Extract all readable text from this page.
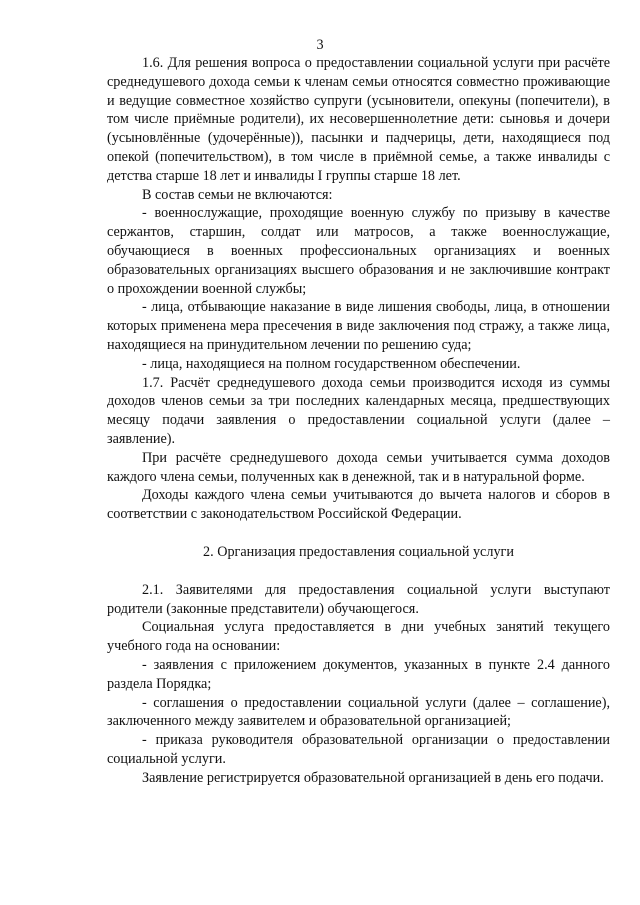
3

1.6. Для решения вопроса о предоставлении социальной услуги при расчёте среднедушевого дохода семьи к членам семьи относятся совместно проживающие и ведущие совместное хозяйство супруги (усыновители, опекуны (попечители), в том числе приёмные родители), их несовершеннолетние дети: сыновья и дочери (усыновлённые (удочерённые)), пасынки и падчерицы, дети, находящиеся под опекой (попечительством), в том числе в приёмной семье, а также инвалиды с детства старше 18 лет и инвалиды I группы старше 18 лет.

В состав семьи не включаются:

- военнослужащие, проходящие военную службу по призыву в качестве сержантов, старшин, солдат или матросов, а также военнослужащие, обучающиеся в военных профессиональных организациях и военных образовательных организациях высшего образования и не заключившие контракт о прохождении военной службы;

- лица, отбывающие наказание в виде лишения свободы, лица, в отношении которых применена мера пресечения в виде заключения под стражу, а также лица, находящиеся на принудительном лечении по решению суда;

- лица, находящиеся на полном государственном обеспечении.

1.7. Расчёт среднедушевого дохода семьи производится исходя из суммы доходов членов семьи за три последних календарных месяца, предшествующих месяцу подачи заявления о предоставлении социальной услуги (далее – заявление).

При расчёте среднедушевого дохода семьи учитывается сумма доходов каждого члена семьи, полученных как в денежной, так и в натуральной форме.

Доходы каждого члена семьи учитываются до вычета налогов и сборов в соответствии с законодательством Российской Федерации.

2. Организация предоставления социальной услуги

2.1. Заявителями для предоставления социальной услуги выступают родители (законные представители) обучающегося.

Социальная услуга предоставляется в дни учебных занятий текущего учебного года на основании:

- заявления с приложением документов, указанных в пункте 2.4 данного раздела Порядка;

- соглашения о предоставлении социальной услуги (далее – соглашение), заключенного между заявителем и образовательной организацией;

- приказа руководителя образовательной организации о предоставлении социальной услуги.

Заявление регистрируется образовательной организацией в день его подачи.
